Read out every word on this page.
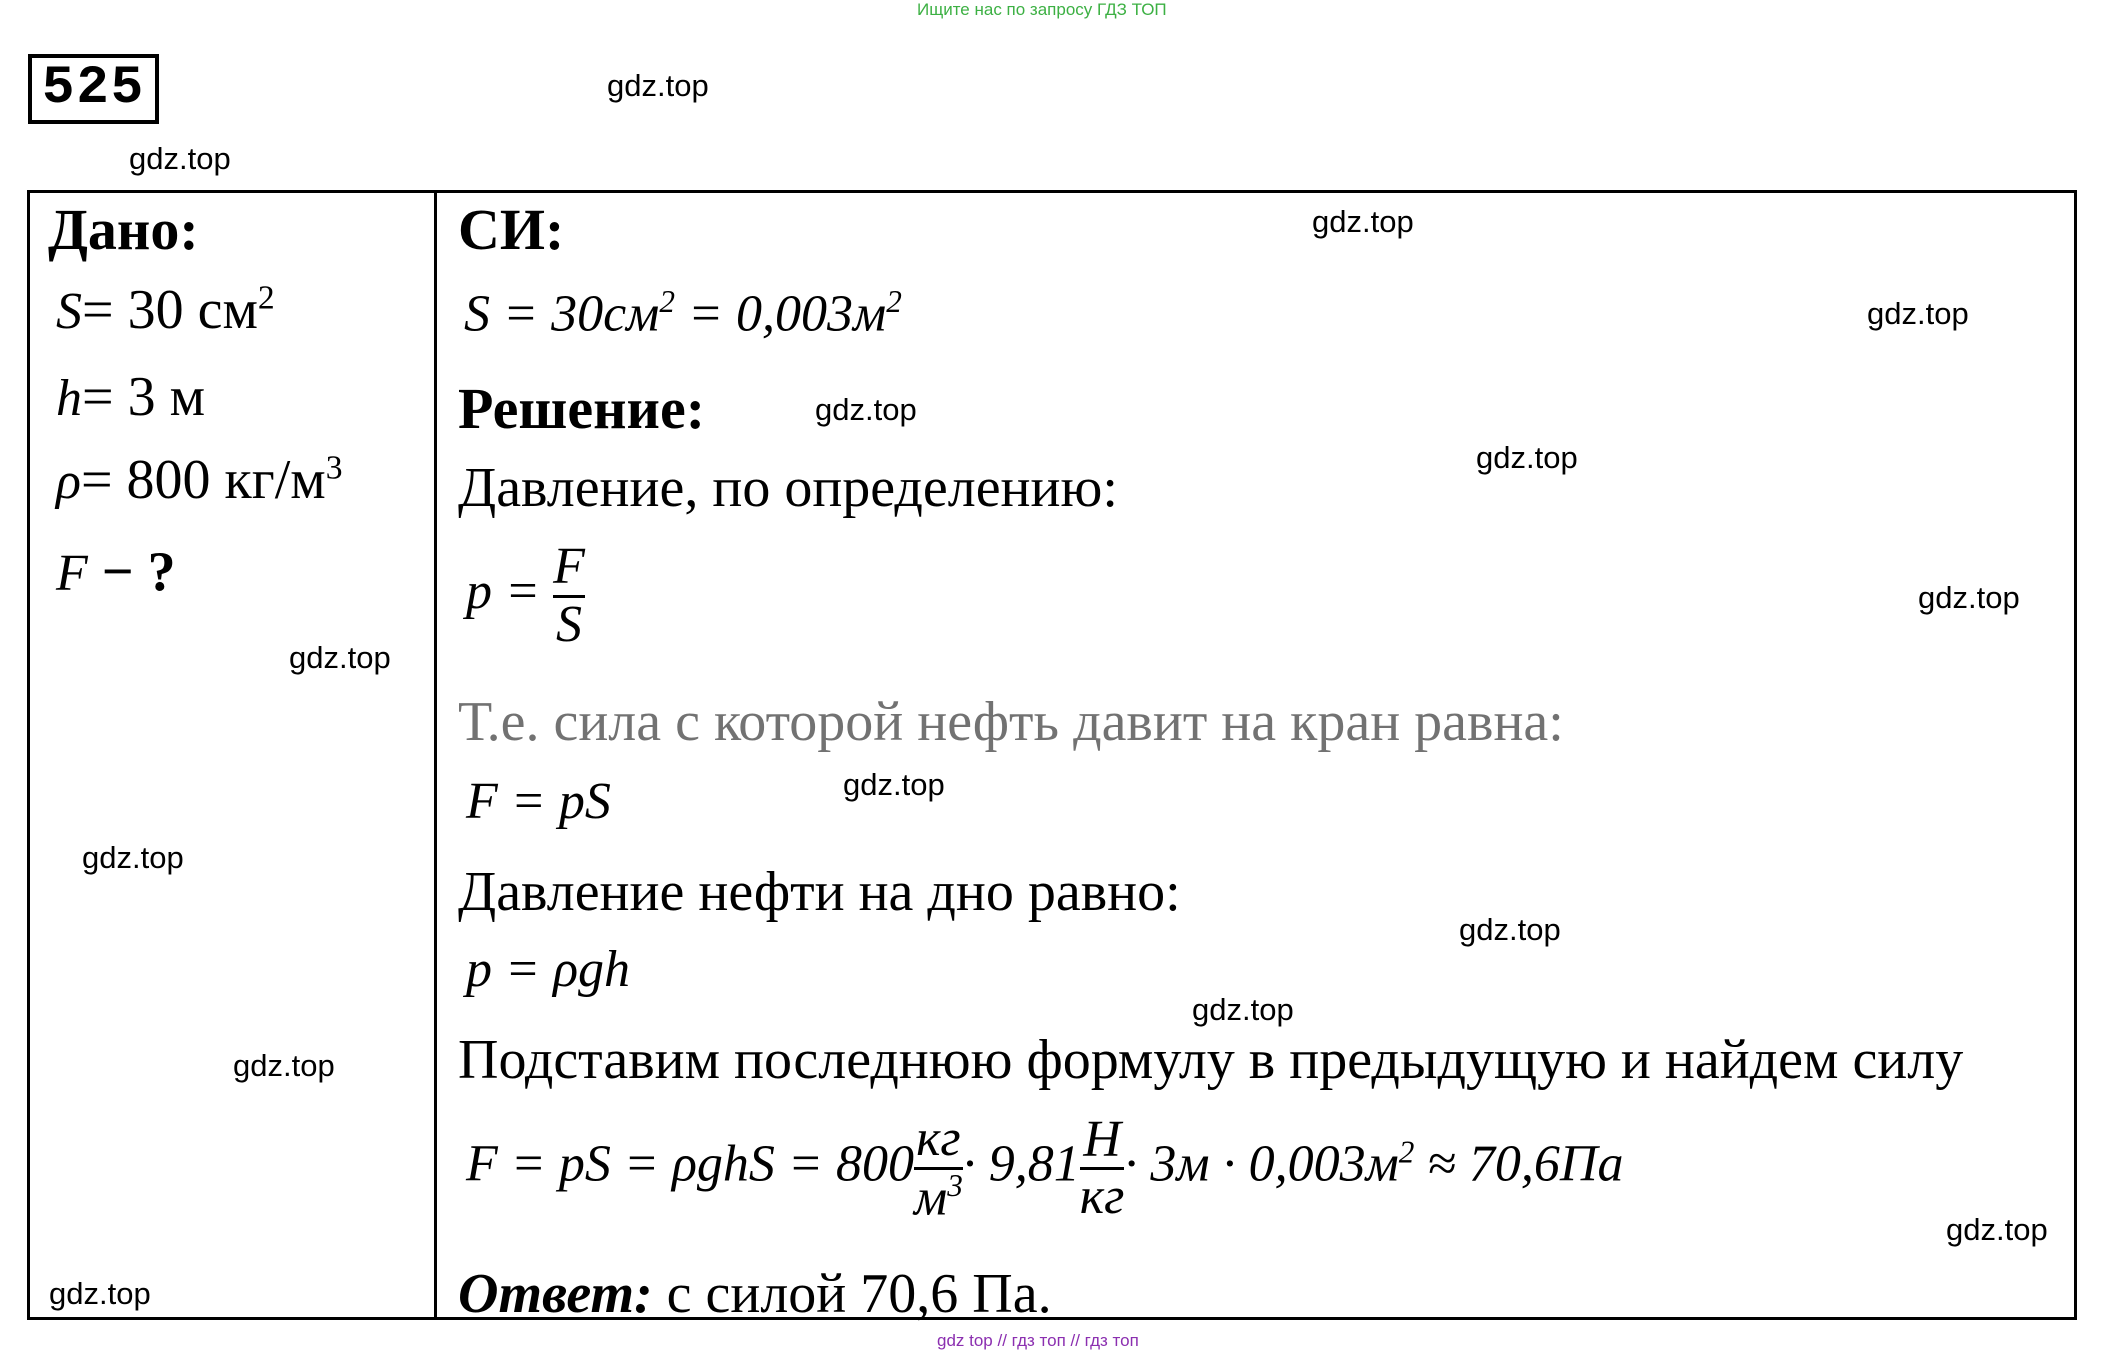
Ищите нас по запросу ГДЗ ТОП
525
Дано:
S= 30 $см^2$
h= 3 м
ρ= 800 $кг/м^3$
F − ?
СИ:
$S = 30см^2 = 0,003м^2$
Решение:
Давление, по определению:
$p = \frac{F}{S}$
Т.е. сила с которой нефть давит на кран равна:
F = pS
Давление нефти на дно равно:
p = ρgh
Подставим последнюю формулу в предыдущую и найдем силу
F = pS = $\rho ghS = 800 \frac{кг}{м^3} \cdot 9,81 \frac{Н}{кг} \cdot 3м \cdot 0,003м^2 \approx 70,6Па$
Ответ: с силой 70,6 Па.
gdz.top
gdz.top
gdz.top
gdz.top
gdz.top
gdz.top
gdz.top
gdz.top
gdz.top
gdz.top
gdz.top
gdz.top
gdz.top
gdz.top
gdz.top
gdz top // гдз топ // гдз топ
